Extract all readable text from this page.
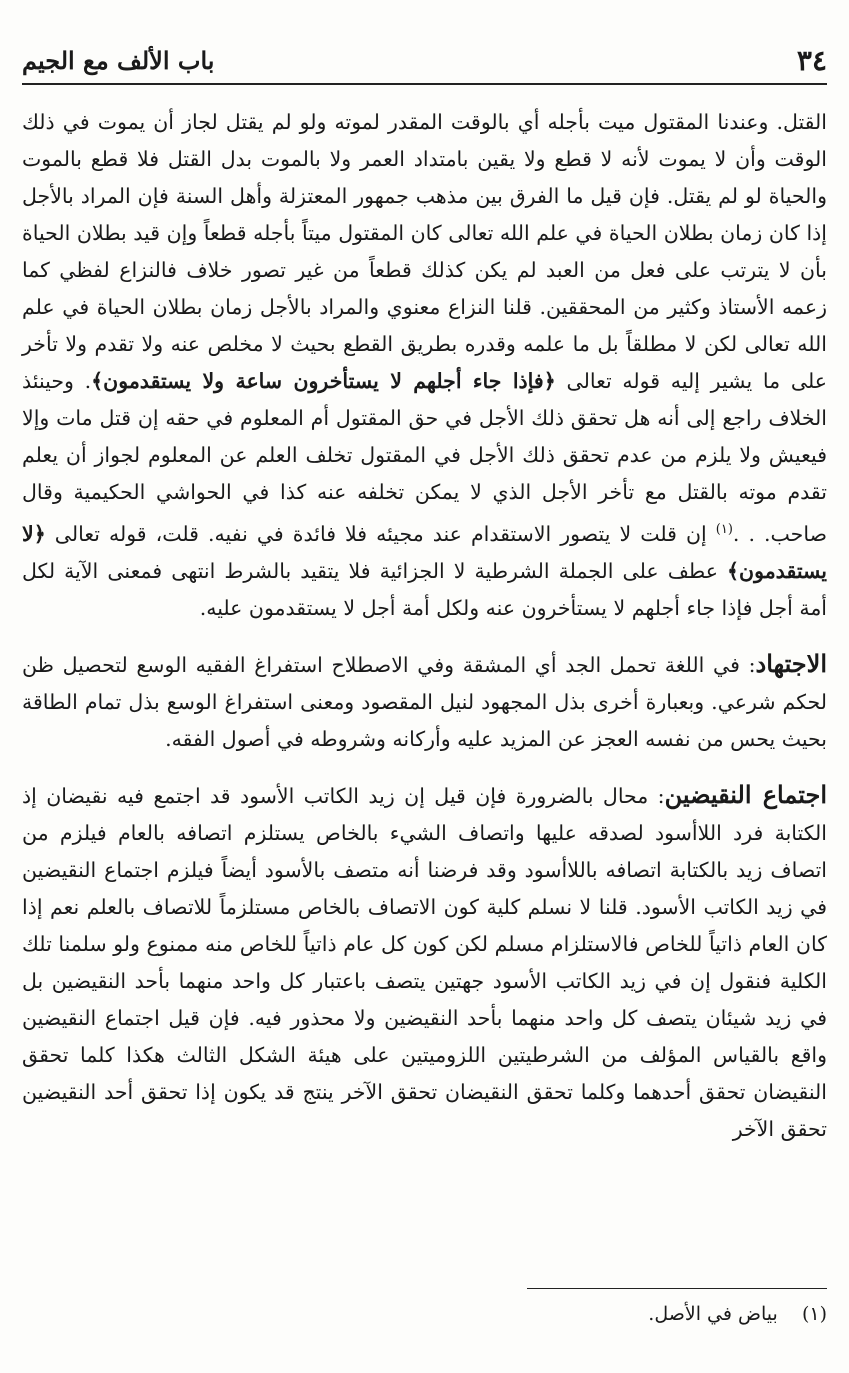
٣٤
باب الألف مع الجيم

القتل. وعندنا المقتول ميت بأجله أي بالوقت المقدر لموته ولو لم يقتل لجاز أن يموت في ذلك الوقت وأن لا يموت لأنه لا قطع ولا يقين بامتداد العمر ولا بالموت بدل القتل فلا قطع بالموت والحياة لو لم يقتل. فإن قيل ما الفرق بين مذهب جمهور المعتزلة وأهل السنة فإن المراد بالأجل إذا كان زمان بطلان الحياة في علم الله تعالى كان المقتول ميتاً بأجله قطعاً وإن قيد بطلان الحياة بأن لا يترتب على فعل من العبد لم يكن كذلك قطعاً من غير تصور خلاف فالنزاع لفظي كما زعمه الأستاذ وكثير من المحققين. قلنا النزاع معنوي والمراد بالأجل زمان بطلان الحياة في علم الله تعالى لكن لا مطلقاً بل ما علمه وقدره بطريق القطع بحيث لا مخلص عنه ولا تقدم ولا تأخر على ما يشير إليه قوله تعالى ﴿فإذا جاء أجلهم لا يستأخرون ساعة ولا يستقدمون﴾. وحينئذ الخلاف راجع إلى أنه هل تحقق ذلك الأجل في حق المقتول أم المعلوم في حقه إن قتل مات وإلا فيعيش ولا يلزم من عدم تحقق ذلك الأجل في المقتول تخلف العلم عن المعلوم لجواز أن يعلم تقدم موته بالقتل مع تأخر الأجل الذي لا يمكن تخلفه عنه كذا في الحواشي الحكيمية وقال صاحب. . .$^{(١)}$ إن قلت لا يتصور الاستقدام عند مجيئه فلا فائدة في نفيه. قلت، قوله تعالى ﴿لا يستقدمون﴾ عطف على الجملة الشرطية لا الجزائية فلا يتقيد بالشرط انتهى فمعنى الآية لكل أمة أجل فإذا جاء أجلهم لا يستأخرون عنه ولكل أمة أجل لا يستقدمون عليه.

الاجتهاد: في اللغة تحمل الجد أي المشقة وفي الاصطلاح استفراغ الفقيه الوسع لتحصيل ظن لحكم شرعي. وبعبارة أخرى بذل المجهود لنيل المقصود ومعنى استفراغ الوسع بذل تمام الطاقة بحيث يحس من نفسه العجز عن المزيد عليه وأركانه وشروطه في أصول الفقه.

اجتماع النقيضين: محال بالضرورة فإن قيل إن زيد الكاتب الأسود قد اجتمع فيه نقيضان إذ الكتابة فرد اللاأسود لصدقه عليها واتصاف الشيء بالخاص يستلزم اتصافه بالعام فيلزم من اتصاف زيد بالكتابة اتصافه باللاأسود وقد فرضنا أنه متصف بالأسود أيضاً فيلزم اجتماع النقيضين في زيد الكاتب الأسود. قلنا لا نسلم كلية كون الاتصاف بالخاص مستلزماً للاتصاف بالعلم نعم إذا كان العام ذاتياً للخاص فالاستلزام مسلم لكن كون كل عام ذاتياً للخاص منه ممنوع ولو سلمنا تلك الكلية فنقول إن في زيد الكاتب الأسود جهتين يتصف باعتبار كل واحد منهما بأحد النقيضين بل في زيد شيئان يتصف كل واحد منهما بأحد النقيضين ولا محذور فيه. فإن قيل اجتماع النقيضين واقع بالقياس المؤلف من الشرطيتين اللزوميتين على هيئة الشكل الثالث هكذا كلما تحقق النقيضان تحقق أحدهما وكلما تحقق النقيضان تحقق الآخر ينتج قد يكون إذا تحقق أحد النقيضين تحقق الآخر

(١)    بياض في الأصل.
